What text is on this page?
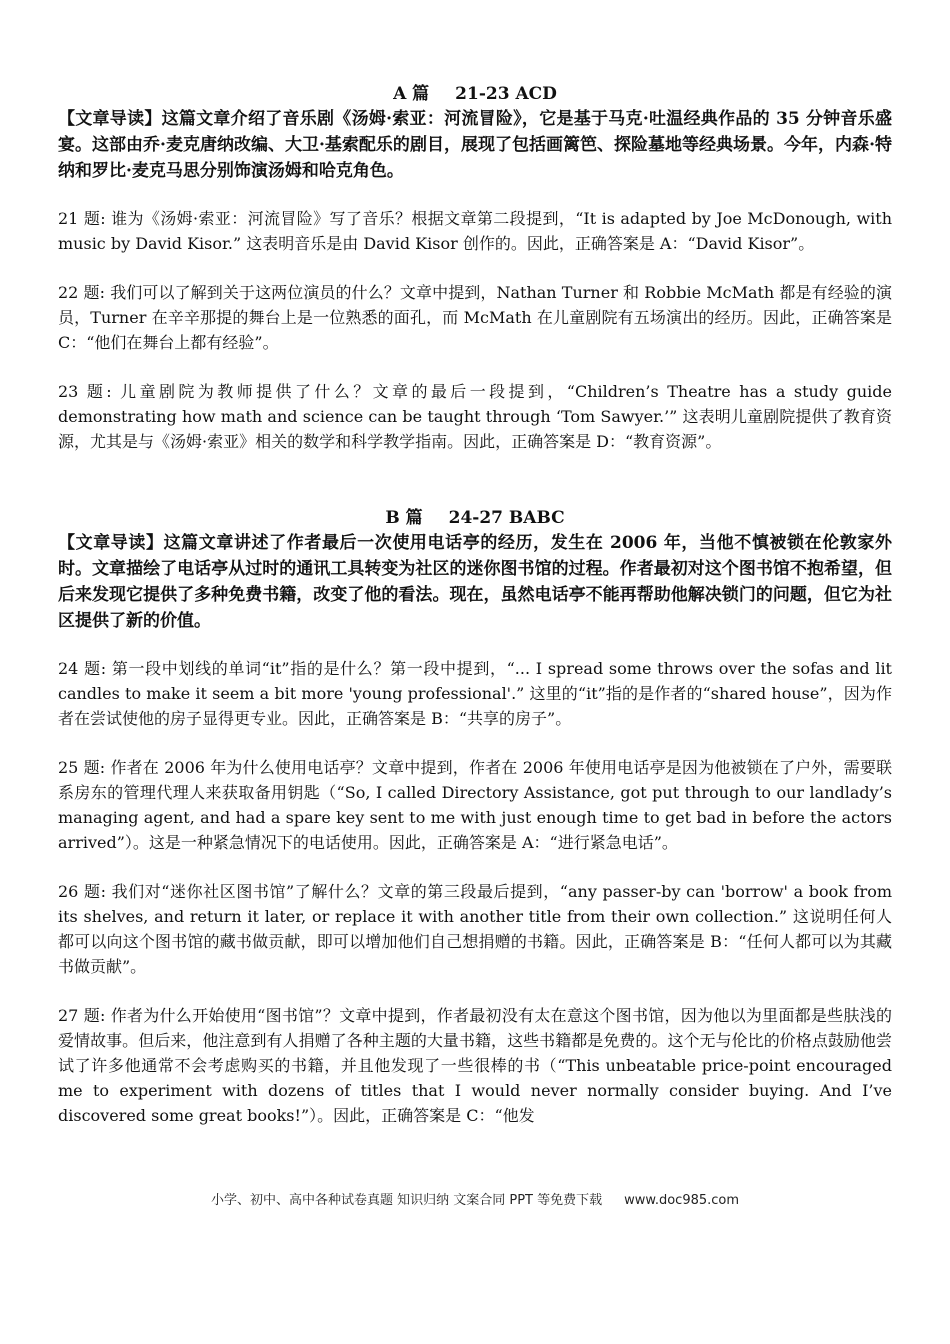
A 篇 21-23 ACD

【文章导读】这篇文章介绍了音乐剧《汤姆·索亚：河流冒险》，它是基于马克·吐温经典作品的 35 分钟音乐盛宴。这部由乔·麦克唐纳改编、大卫·基索配乐的剧目，展现了包括画篱笆、探险墓地等经典场景。今年，内森·特纳和罗比·麦克马思分别饰演汤姆和哈克角色。

21 题: 谁为《汤姆·索亚：河流冒险》写了音乐？根据文章第二段提到，“It is adapted by Joe McDonough, with music by David Kisor.” 这表明音乐是由 David Kisor 创作的。因此，正确答案是 A：“David Kisor”。

22 题: 我们可以了解到关于这两位演员的什么？文章中提到，Nathan Turner 和 Robbie McMath 都是有经验的演员，Turner 在辛辛那提的舞台上是一位熟悉的面孔，而 McMath 在儿童剧院有五场演出的经历。因此，正确答案是 C：“他们在舞台上都有经验”。

23 题: 儿童剧院为教师提供了什么？文章的最后一段提到，“Children’s Theatre has a study guide demonstrating how math and science can be taught through ‘Tom Sawyer.’” 这表明儿童剧院提供了教育资源，尤其是与《汤姆·索亚》相关的数学和科学教学指南。因此，正确答案是 D：“教育资源”。

B 篇 24-27 BABC

【文章导读】这篇文章讲述了作者最后一次使用电话亭的经历，发生在 2006 年，当他不慎被锁在伦敦家外时。文章描绘了电话亭从过时的通讯工具转变为社区的迷你图书馆的过程。作者最初对这个图书馆不抱希望，但后来发现它提供了多种免费书籍，改变了他的看法。现在，虽然电话亭不能再帮助他解决锁门的问题，但它为社区提供了新的价值。

24 题: 第一段中划线的单词“it”指的是什么？第一段中提到，“... I spread some throws over the sofas and lit candles to make it seem a bit more 'young professional'.” 这里的“it”指的是作者的“shared house”，因为作者在尝试使他的房子显得更专业。因此，正确答案是 B：“共享的房子”。

25 题: 作者在 2006 年为什么使用电话亭？文章中提到，作者在 2006 年使用电话亭是因为他被锁在了户外，需要联系房东的管理代理人来获取备用钥匙（“So, I called Directory Assistance, got put through to our landlady’s managing agent, and had a spare key sent to me with just enough time to get bad in before the actors arrived”）。这是一种紧急情况下的电话使用。因此，正确答案是 A：“进行紧急电话”。

26 题: 我们对“迷你社区图书馆”了解什么？文章的第三段最后提到，“any passer-by can 'borrow' a book from its shelves, and return it later, or replace it with another title from their own collection.” 这说明任何人都可以向这个图书馆的藏书做贡献，即可以增加他们自己想捐赠的书籍。因此，正确答案是 B：“任何人都可以为其藏书做贡献”。

27 题: 作者为什么开始使用“图书馆”？文章中提到，作者最初没有太在意这个图书馆，因为他以为里面都是些肤浅的爱情故事。但后来，他注意到有人捐赠了各种主题的大量书籍，这些书籍都是免费的。这个无与伦比的价格点鼓励他尝试了许多他通常不会考虑购买的书籍，并且他发现了一些很棒的书（“This unbeatable price-point encouraged me to experiment with dozens of titles that I would never normally consider buying. And I’ve discovered some great books!”）。因此，正确答案是 C：“他发

小学、初中、高中各种试卷真题 知识归纳 文案合同 PPT 等免费下载 www.doc985.com
